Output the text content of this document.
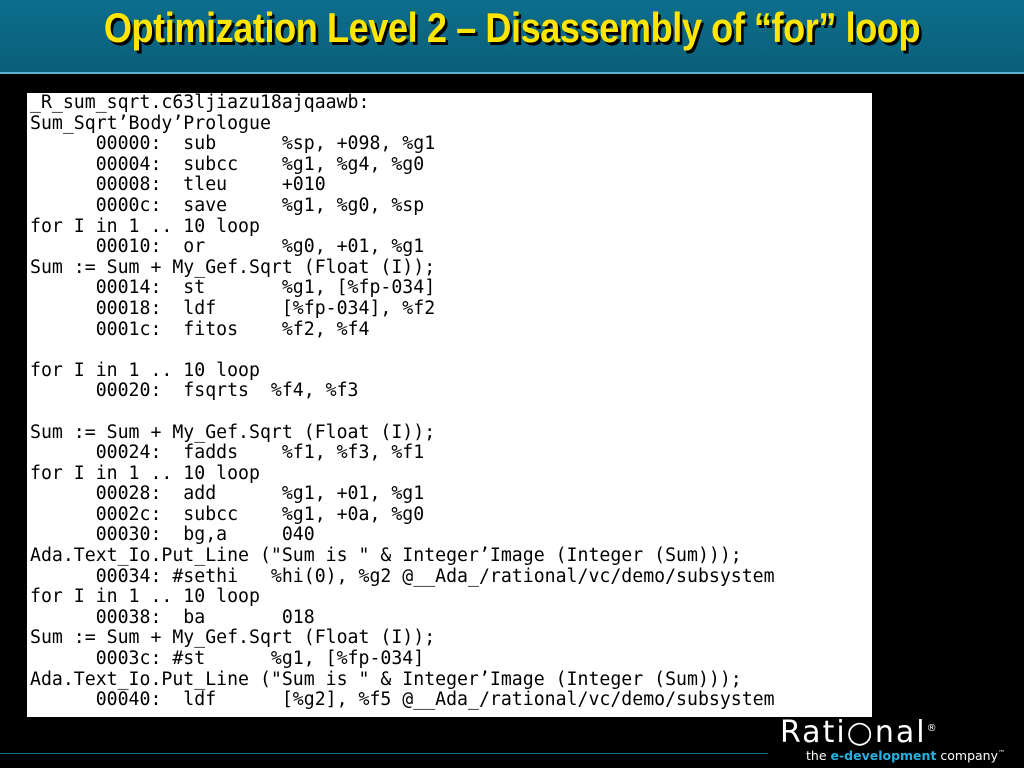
Optimization Level 2 – Disassembly of “for” loop
_R_sum_sqrt.c63ljiazu18ajqaawb:
Sum_Sqrt’Body’Prologue
00000:  sub      %sp, +098, %g1
00004:  subcc    %g1, %g4, %g0
00008:  tleu     +010
0000c:  save     %g1, %g0, %sp
for I in 1 .. 10 loop
00010:  or       %g0, +01, %g1
Sum := Sum + My_Gef.Sqrt (Float (I));
00014:  st       %g1, [%fp-034]
00018:  ldf      [%fp-034], %f2
0001c:  fitos    %f2, %f4
for I in 1 .. 10 loop
00020:  fsqrts  %f4, %f3
Sum := Sum + My_Gef.Sqrt (Float (I));
00024:  fadds    %f1, %f3, %f1
for I in 1 .. 10 loop
00028:  add      %g1, +01, %g1
0002c:  subcc    %g1, +0a, %g0
00030:  bg,a     040
Ada.Text_Io.Put_Line ("Sum is " & Integer’Image (Integer (Sum)));
00034: #sethi   %hi(0), %g2 @__Ada_/rational/vc/demo/subsystem
for I in 1 .. 10 loop
00038:  ba       018
Sum := Sum + My_Gef.Sqrt (Float (I));
0003c: #st      %g1, [%fp-034]
Ada.Text_Io.Put_Line ("Sum is " & Integer’Image (Integer (Sum)));
00040:  ldf      [%g2], %f5 @__Ada_/rational/vc/demo/subsystem
Rati○nal®
the e-development company™
